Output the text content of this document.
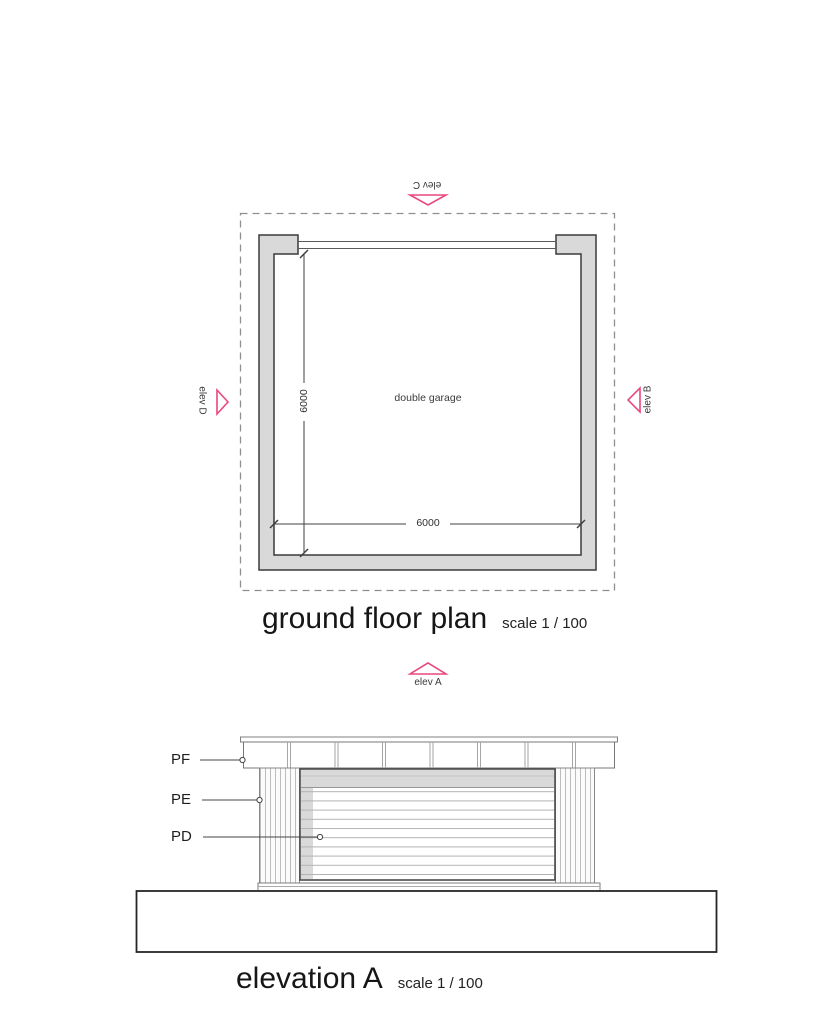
elev C
elev D	elev B
elev A
double garage
6000
6000
ground floor plan scale 1 / 100
PF
PE
PD
elevation A scale 1 / 100
